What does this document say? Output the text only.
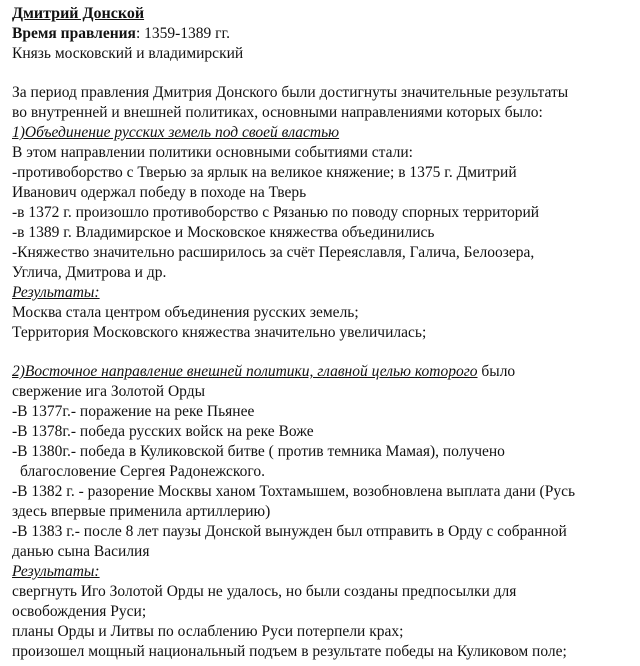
Дмитрий Донской
Время правления: 1359-1389 гг.
Князь московский и владимирский
За период правления Дмитрия Донского были достигнуты значительные результаты
во внутренней и внешней политиках, основными направлениями которых было:
1)Объединение русских земель под своей властью
В этом направлении политики основными событиями стали:
-противоборство с Тверью за ярлык на великое княжение; в 1375 г. Дмитрий
Иванович одержал победу в походе на Тверь
-в 1372 г. произошло противоборство с Рязанью по поводу спорных территорий
-в 1389 г. Владимирское и Московское княжества объединились
-Княжество значительно расширилось за счёт Переяславля, Галича, Белоозера,
Углича, Дмитрова и др.
Результаты:
Москва стала центром объединения русских земель;
Территория Московского княжества значительно увеличилась;
2)Восточное направление внешней политики, главной целью которого было
свержение ига Золотой Орды
-В 1377г.- поражение на реке Пьянее
-В 1378г.- победа русских войск на реке Воже
-В 1380г.- победа в Куликовской битве ( против темника Мамая), получено
благословение Сергея Радонежского.
-В 1382 г. - разорение Москвы ханом Тохтамышем, возобновлена выплата дани (Русь
здесь впервые применила артиллерию)
-В 1383 г.- после 8 лет паузы Донской вынужден был отправить в Орду с собранной
данью сына Василия
Результаты:
свергнуть Иго Золотой Орды не удалось, но были созданы предпосылки для
освобождения Руси;
планы Орды и Литвы по ослаблению Руси потерпели крах;
произошел мощный национальный подъем в результате победы на Куликовом поле;
